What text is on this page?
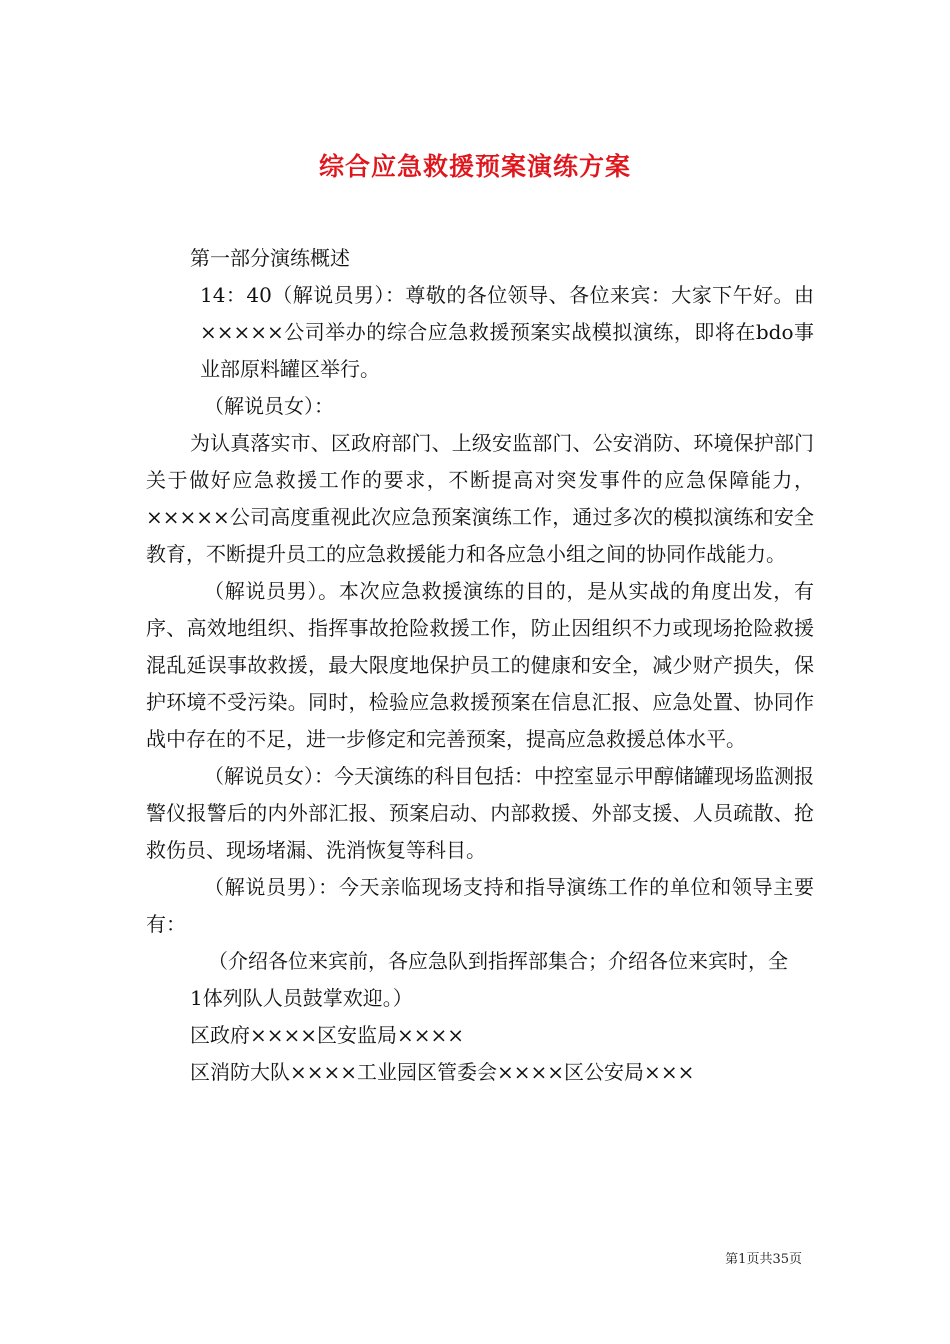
综合应急救援预案演练方案

第一部分演练概述

14：40（解说员男）：尊敬的各位领导、各位来宾：大家下午好。由×××××公司举办的综合应急救援预案实战模拟演练，即将在bdo事业部原料罐区举行。

（解说员女）：

为认真落实市、区政府部门、上级安监部门、公安消防、环境保护部门关于做好应急救援工作的要求，不断提高对突发事件的应急保障能力，×××××公司高度重视此次应急预案演练工作，通过多次的模拟演练和安全教育，不断提升员工的应急救援能力和各应急小组之间的协同作战能力。

（解说员男）。本次应急救援演练的目的，是从实战的角度出发，有序、高效地组织、指挥事故抢险救援工作，防止因组织不力或现场抢险救援混乱延误事故救援，最大限度地保护员工的健康和安全，减少财产损失，保护环境不受污染。同时，检验应急救援预案在信息汇报、应急处置、协同作战中存在的不足，进一步修定和完善预案，提高应急救援总体水平。

（解说员女）：今天演练的科目包括：中控室显示甲醇储罐现场监测报警仪报警后的内外部汇报、预案启动、内部救援、外部支援、人员疏散、抢救伤员、现场堵漏、洗消恢复等科目。

（解说员男）：今天亲临现场支持和指导演练工作的单位和领导主要有：

（介绍各位来宾前，各应急队到指挥部集合；介绍各位来宾时，全

1体列队人员鼓掌欢迎。）

区政府××××区安监局××××

区消防大队××××工业园区管委会××××区公安局×××

第1页共35页
